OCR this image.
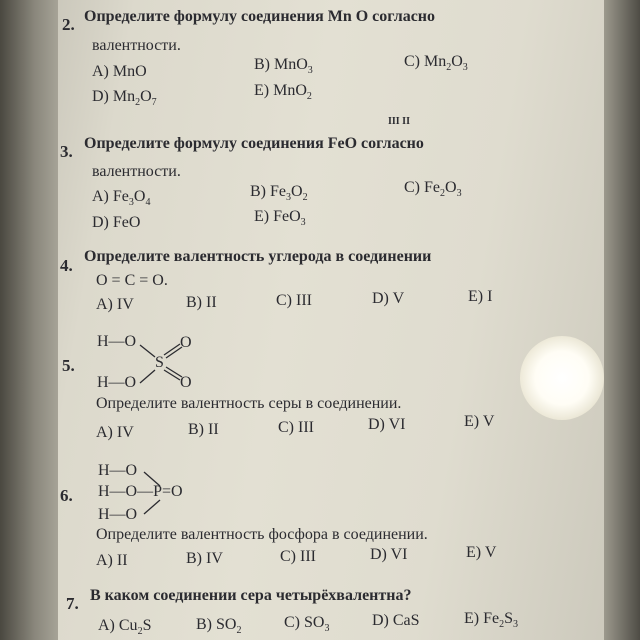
2. Определите формулу соединения Mn O согласно
валентности.
A) MnO	B) MnO$_3$
C) $Mn_2O_3$
D) $Mn_2O_7$
E) MnO$_2$
III II
3. Определите формулу соединения FeO согласно
валентности.
A) $Fe_3O_4$
B) $Fe_3O_2$
C) $Fe_2O_3$
D) FeO	E) FeO$_3$
4. Определите валентность углерода в соединении
O = C = O.
A) IV	B) II	C) III	D) V	E) I
5.
H—O
H—O
S
O
O
Определите валентность серы в соединении.
A) IV	B) II	C) III	D) VI	E) V
6.
H—O
H—O—P=O
H—O
Определите валентность фосфора в соединении.
A) II	B) IV	C) III	D) VI	E) V
7. В каком соединении сера четырёхвалентна?
A) $Cu_2S$	B) $SO_2$	C) $SO_3$	D) CaS	E) $Fe_2S_3$
